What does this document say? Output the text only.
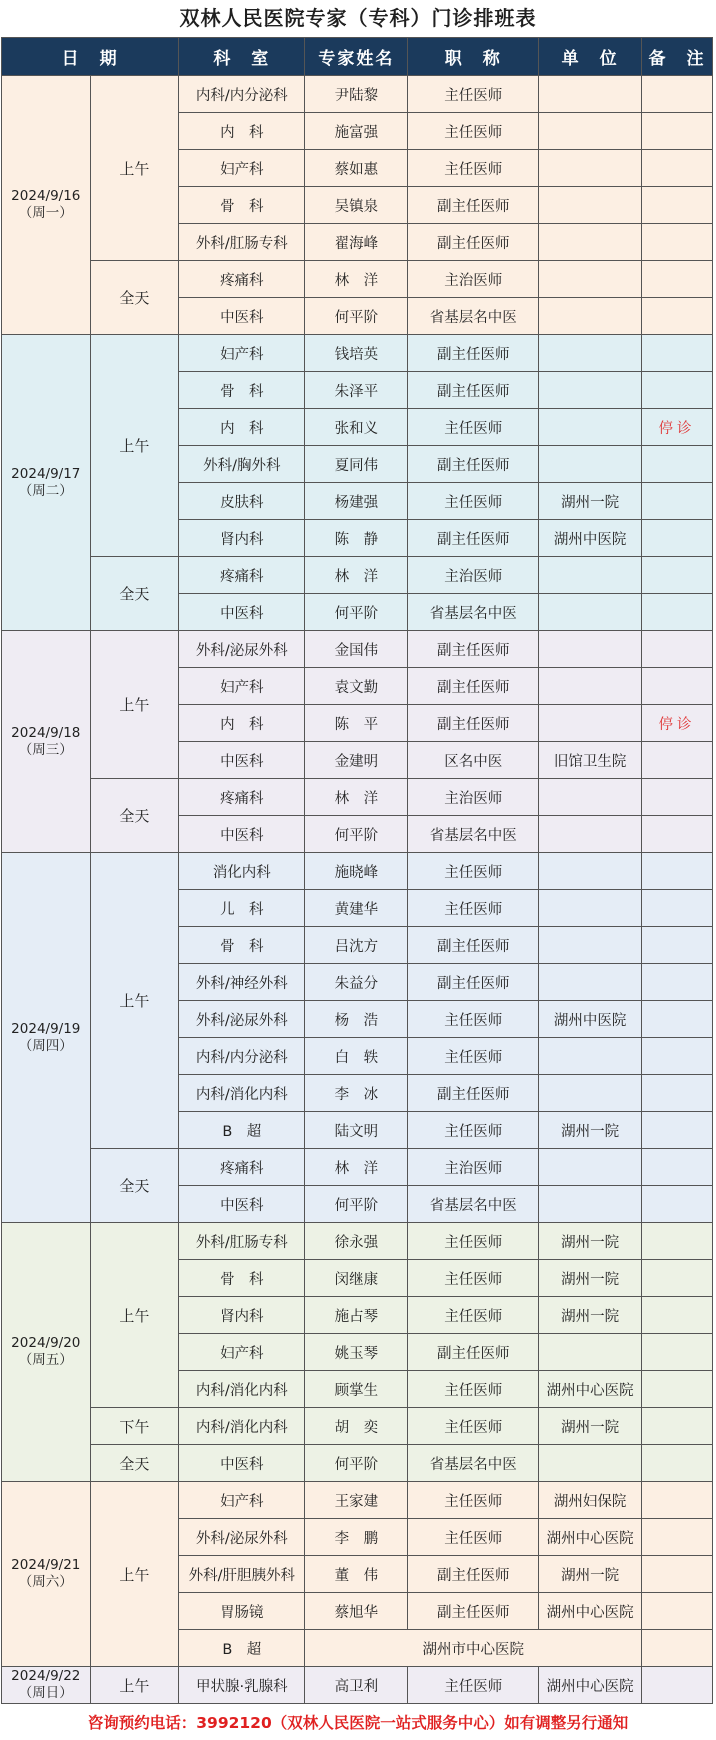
双林人民医院专家（专科）门诊排班表
日　期		科　室	专家姓名	职　称	单　位	备　注

2024/9/16
（周一）	上午	内科/内分泌科	尹陆黎	主任医师		
		内　科	施富强	主任医师		
		妇产科	蔡如惠	主任医师		
		骨　科	吴镇泉	副主任医师		
		外科/肛肠专科	翟海峰	副主任医师		
	全天	疼痛科	林　洋	主治医师		
		中医科	何平阶	省基层名中医		

2024/9/17
（周二）	上午	妇产科	钱培英	副主任医师		
		骨　科	朱泽平	副主任医师		
		内　科	张和义	主任医师		停诊
		外科/胸外科	夏同伟	副主任医师		
		皮肤科	杨建强	主任医师	湖州一院	
		肾内科	陈　静	副主任医师	湖州中医院	
	全天	疼痛科	林　洋	主治医师		
		中医科	何平阶	省基层名中医		

2024/9/18
（周三）	上午	外科/泌尿外科	金国伟	副主任医师		
		妇产科	袁文勤	副主任医师		
		内　科	陈　平	副主任医师		停诊
		中医科	金建明	区名中医	旧馆卫生院	
	全天	疼痛科	林　洋	主治医师		
		中医科	何平阶	省基层名中医		

2024/9/19
（周四）	上午	消化内科	施晓峰	主任医师		
		儿　科	黄建华	主任医师		
		骨　科	吕沈方	副主任医师		
		外科/神经外科	朱益分	副主任医师		
		外科/泌尿外科	杨　浩	主任医师	湖州中医院	
		内科/内分泌科	白　轶	主任医师		
		内科/消化内科	李　冰	副主任医师		
		B　超	陆文明	主任医师	湖州一院	
	全天	疼痛科	林　洋	主治医师		
		中医科	何平阶	省基层名中医		

2024/9/20
（周五）	上午	外科/肛肠专科	徐永强	主任医师	湖州一院	
		骨　科	闵继康	主任医师	湖州一院	
		肾内科	施占琴	主任医师	湖州一院	
		妇产科	姚玉琴	副主任医师		
		内科/消化内科	顾掌生	主任医师	湖州中心医院	
	下午	内科/消化内科	胡　奕	主任医师	湖州一院	
	全天	中医科	何平阶	省基层名中医		

2024/9/21
（周六）	上午	妇产科	王家建	主任医师	湖州妇保院	
		外科/泌尿外科	李　鹏	主任医师	湖州中心医院	
		外科/肝胆胰外科	董　伟	副主任医师	湖州一院	
		胃肠镜	蔡旭华	副主任医师	湖州中心医院	
		B　超	湖州市中心医院			

2024/9/22
（周日）	上午	甲状腺·乳腺科	高卫利	主任医师	湖州中心医院	
咨询预约电话：3992120（双林人民医院一站式服务中心）如有调整另行通知
